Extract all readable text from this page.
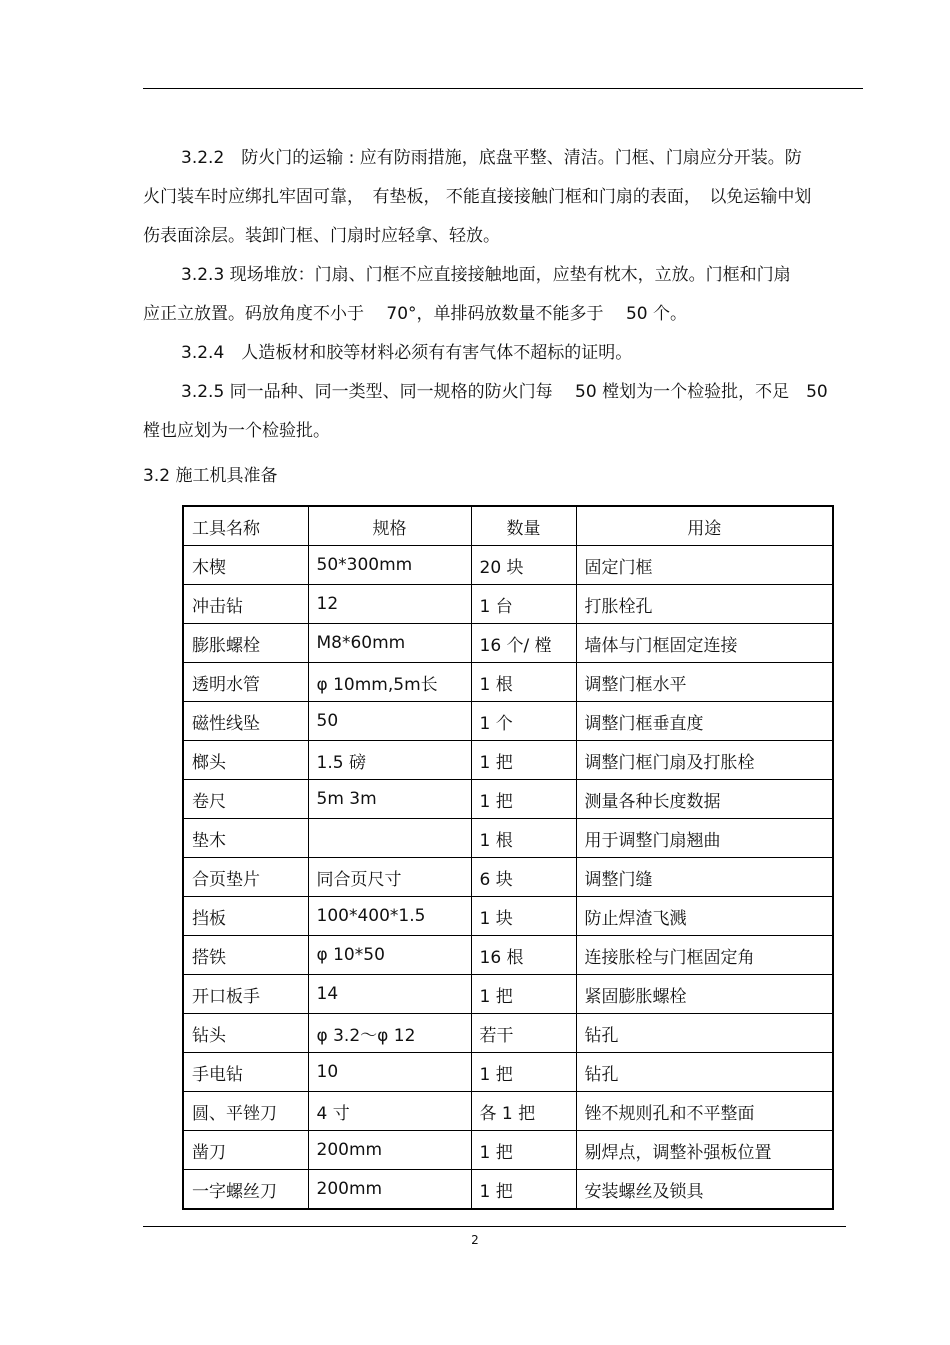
3.2.2　防火门的运输 : 应有防雨措施，底盘平整、清洁。门框、门扇应分开装。防
火门装车时应绑扎牢固可靠，　有垫板， 不能直接接触门框和门扇的表面，　以免运输中划
伤表面涂层。装卸门框、门扇时应轻拿、轻放。
3.2.3 现场堆放：门扇、门框不应直接接触地面，应垫有枕木，立放。门框和门扇
应正立放置。码放角度不小于　 70°，单排码放数量不能多于　 50 个。
3.2.4　人造板材和胶等材料必须有有害气体不超标的证明。
3.2.5 同一品种、同一类型、同一规格的防火门每　 50 樘划为一个检验批，不足　50
樘也应划为一个检验批。
3.2 施工机具准备
工具名称	规格	数量	用途
木楔	50*300mm	20 块	固定门框
冲击钻	12	1 台	打胀栓孔
膨胀螺栓	M8*60mm	16 个/ 樘	墙体与门框固定连接
透明水管	φ 10mm,5m长	1 根	调整门框水平
磁性线坠	50	1 个	调整门框垂直度
榔头	1.5 磅	1 把	调整门框门扇及打胀栓
卷尺	5m 3m	1 把	测量各种长度数据
垫木		1 根	用于调整门扇翘曲
合页垫片	同合页尺寸	6 块	调整门缝
挡板	100*400*1.5	1 块	防止焊渣飞溅
搭铁	φ 10*50	16 根	连接胀栓与门框固定角
开口板手	14	1 把	紧固膨胀螺栓
钻头	φ 3.2～φ 12	若干	钻孔
手电钻	10	1 把	钻孔
圆、平锉刀	4 寸	各 1 把	锉不规则孔和不平整面
凿刀	200mm	1 把	剔焊点，调整补强板位置
一字螺丝刀	200mm	1 把	安装螺丝及锁具
2
